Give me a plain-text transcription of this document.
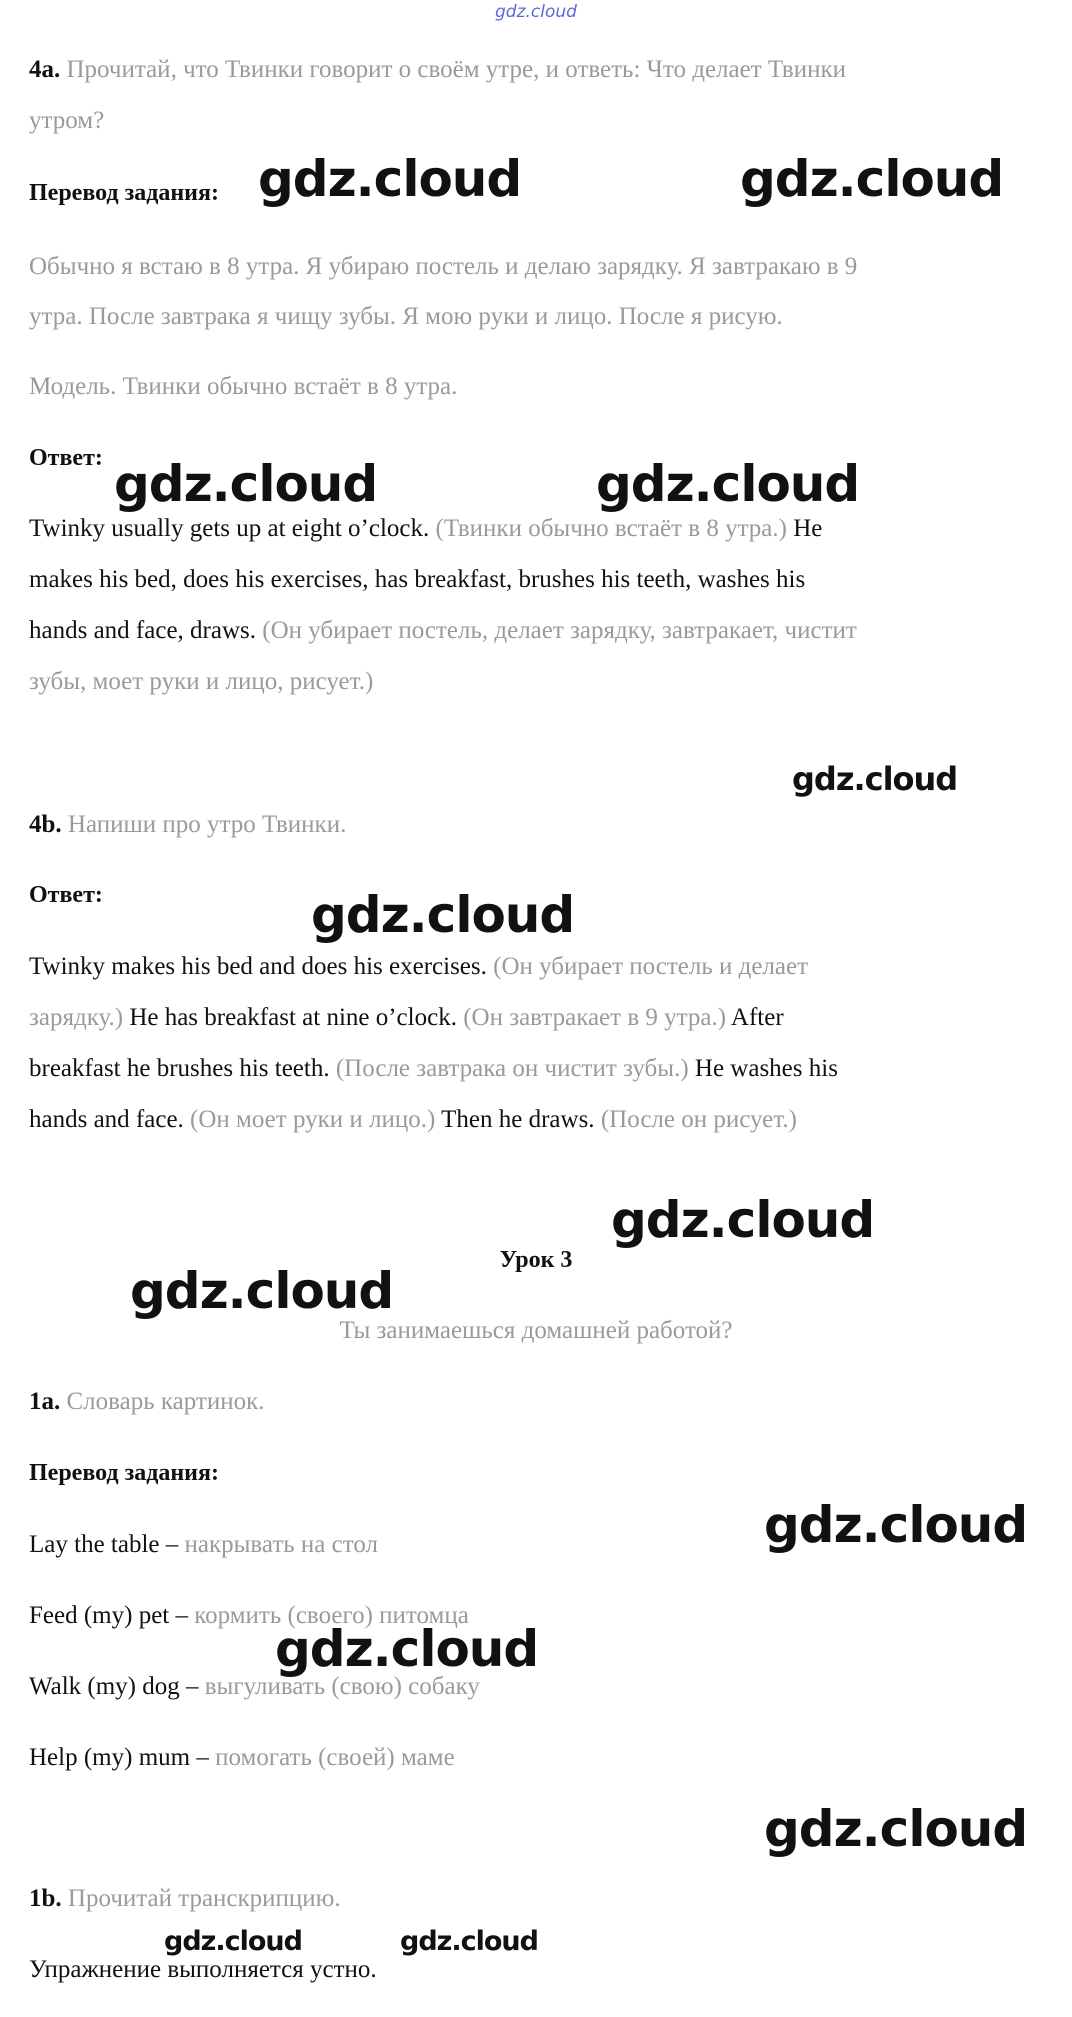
gdz.cloud
4a. Прочитай, что Твинки говорит о своём утре, и ответь: Что делает Твинки
утром?
Перевод задания:
Обычно я встаю в 8 утра. Я убираю постель и делаю зарядку. Я завтракаю в 9
утра. После завтрака я чищу зубы. Я мою руки и лицо. После я рисую.
Модель. Твинки обычно встаёт в 8 утра.
Ответ:
Twinky usually gets up at eight o’clock. (Твинки обычно встаёт в 8 утра.) He
makes his bed, does his exercises, has breakfast, brushes his teeth, washes his
hands and face, draws. (Он убирает постель, делает зарядку, завтракает, чистит
зубы, моет руки и лицо, рисует.)
4b. Напиши про утро Твинки.
Ответ:
Twinky makes his bed and does his exercises. (Он убирает постель и делает
зарядку.) He has breakfast at nine o’clock. (Он завтракает в 9 утра.) After
breakfast he brushes his teeth. (После завтрака он чистит зубы.) He washes his
hands and face. (Он моет руки и лицо.) Then he draws. (После он рисует.)
Урок 3
Ты занимаешься домашней работой?
1a. Словарь картинок.
Перевод задания:
Lay the table – накрывать на стол
Feed (my) pet – кормить (своего) питомца
Walk (my) dog – выгуливать (свою) собаку
Help (my) mum – помогать (своей) маме
1b. Прочитай транскрипцию.
Упражнение выполняется устно.
gdz.cloud	gdz.cloud
gdz.cloud	gdz.cloud
gdz.cloud
gdz.cloud
gdz.cloud
gdz.cloud
gdz.cloud
gdz.cloud
gdz.cloud
gdz.cloud	gdz.cloud
